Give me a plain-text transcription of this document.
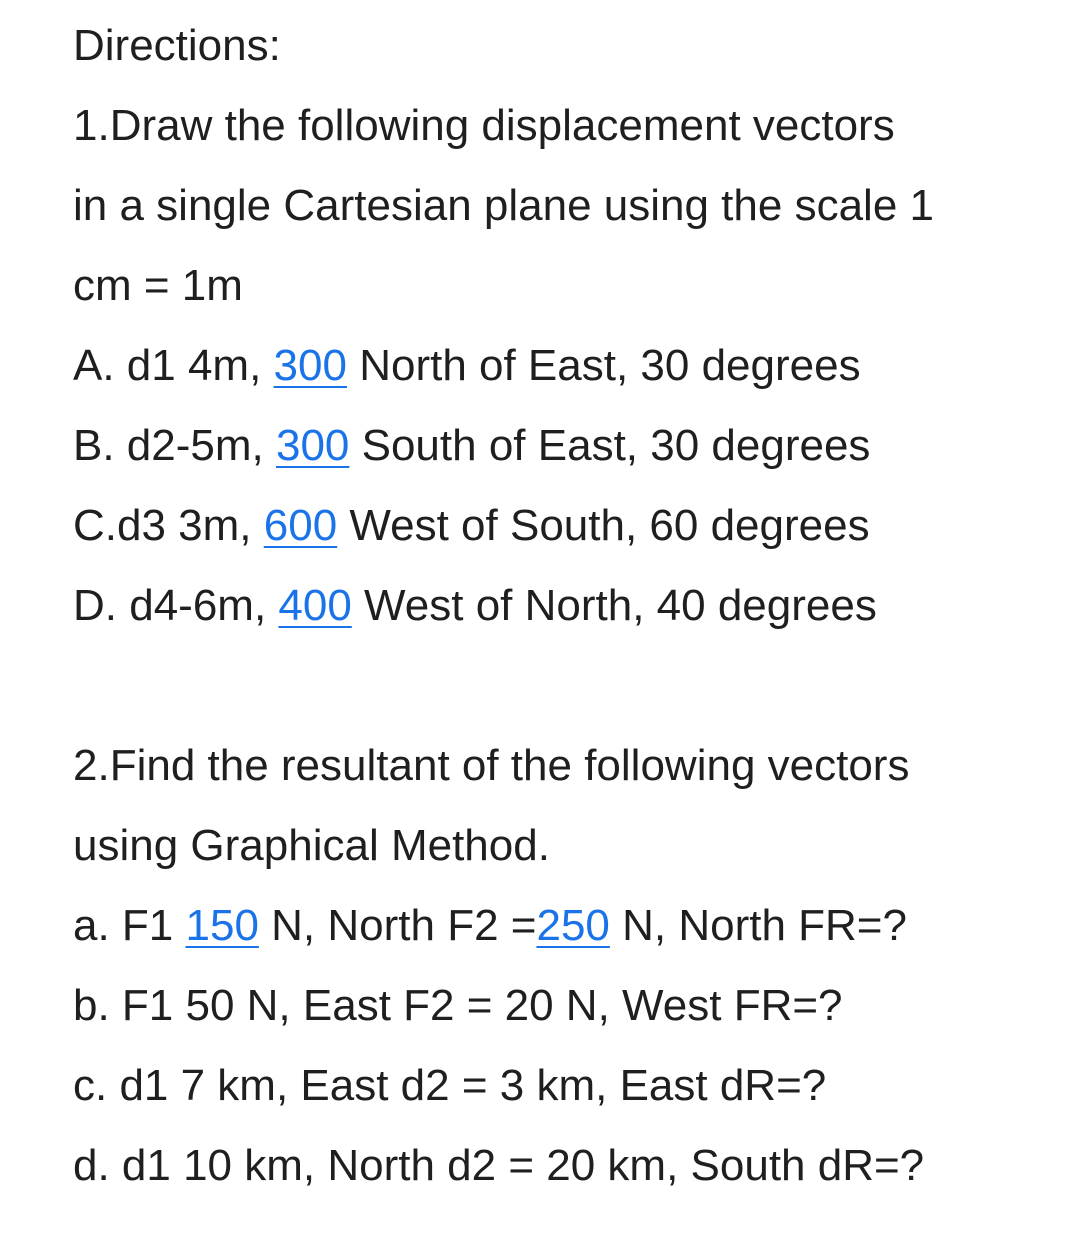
Directions:
1.Draw the following displacement vectors
in a single Cartesian plane using the scale 1
cm = 1m
A. d1 4m, 300 North of East, 30 degrees
B. d2-5m, 300 South of East, 30 degrees
C.d3 3m, 600 West of South, 60 degrees
D. d4-6m, 400 West of North, 40 degrees
2.Find the resultant of the following vectors
using Graphical Method.
a. F1 150 N, North F2 =250 N, North FR=?
b. F1 50 N, East F2 = 20 N, West FR=?
c. d1 7 km, East d2 = 3 km, East dR=?
d. d1 10 km, North d2 = 20 km, South dR=?
